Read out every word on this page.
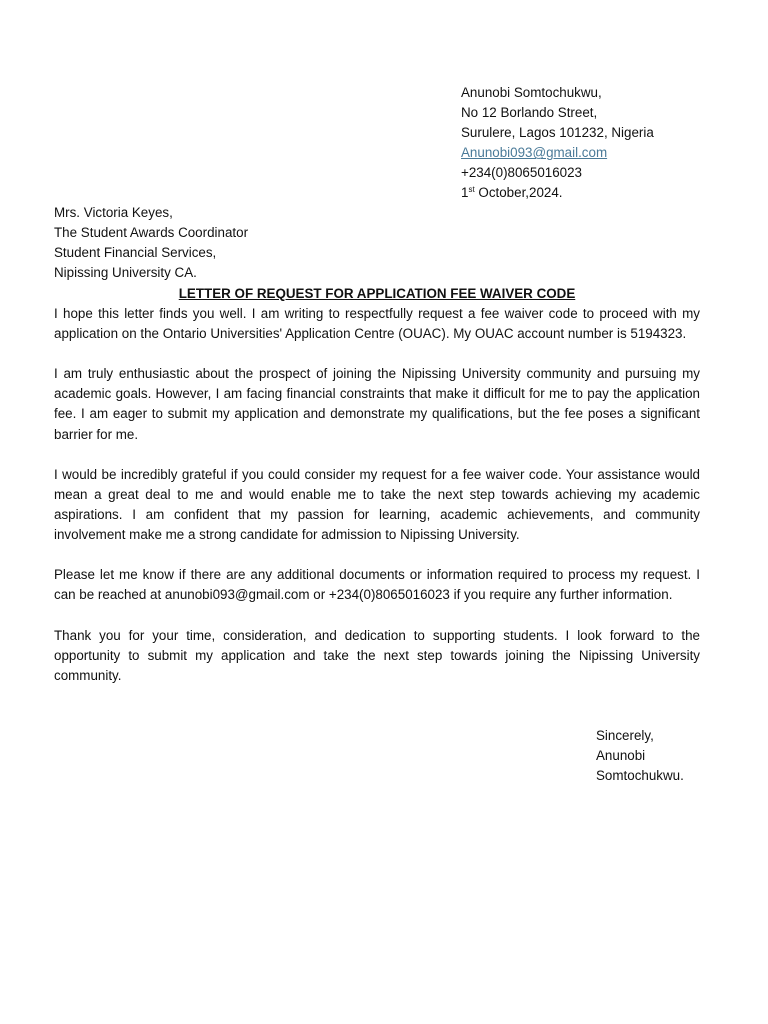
Anunobi Somtochukwu,
No 12 Borlando Street,
Surulere, Lagos 101232, Nigeria
Anunobi093@gmail.com
+234(0)8065016023
1st October,2024.
Mrs. Victoria Keyes,
The Student Awards Coordinator
Student Financial Services,
Nipissing University CA.
LETTER OF REQUEST FOR APPLICATION FEE WAIVER CODE

I hope this letter finds you well. I am writing to respectfully request a fee waiver code to proceed with my application on the Ontario Universities' Application Centre (OUAC). My OUAC account number is 5194323.

I am truly enthusiastic about the prospect of joining the Nipissing University community and pursuing my academic goals. However, I am facing financial constraints that make it difficult for me to pay the application fee. I am eager to submit my application and demonstrate my qualifications, but the fee poses a significant barrier for me.

I would be incredibly grateful if you could consider my request for a fee waiver code. Your assistance would mean a great deal to me and would enable me to take the next step towards achieving my academic aspirations. I am confident that my passion for learning, academic achievements, and community involvement make me a strong candidate for admission to Nipissing University.

Please let me know if there are any additional documents or information required to process my request. I can be reached at anunobi093@gmail.com or +234(0)8065016023 if you require any further information.

Thank you for your time, consideration, and dedication to supporting students. I look forward to the opportunity to submit my application and take the next step towards joining the Nipissing University community.

Sincerely,
Anunobi
Somtochukwu.
